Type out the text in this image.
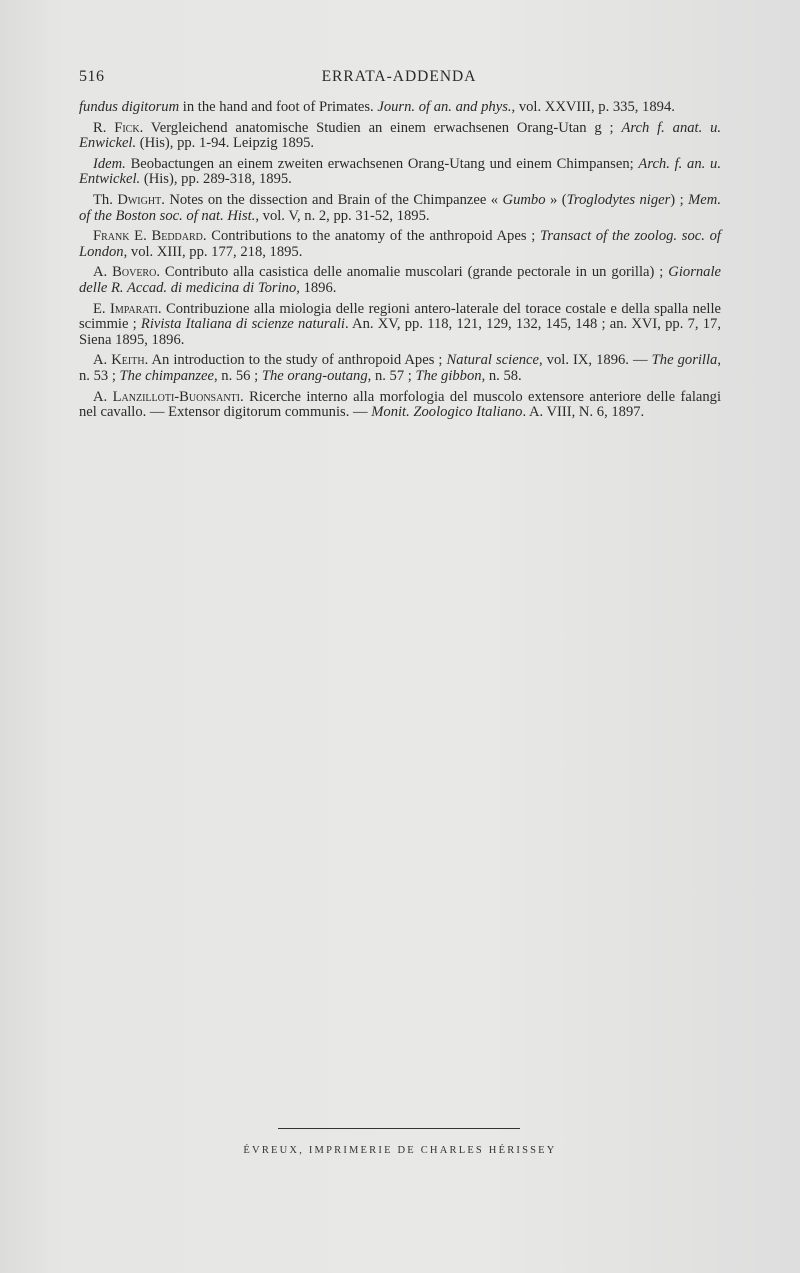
516	ERRATA-ADDENDA

fundus digitorum in the hand and foot of Primates. Journ. of an. and phys., vol. XXVIII, p. 335, 1894.

R. Fick. Vergleichend anatomische Studien an einem erwachsenen Orang-Utan g ; Arch f. anat. u. Enwickel. (His), pp. 1-94. Leipzig 1895.

Idem. Beobactungen an einem zweiten erwachsenen Orang-Utang und einem Chimpansen; Arch. f. an. u. Entwickel. (His), pp. 289-318, 1895.

Th. Dwight. Notes on the dissection and Brain of the Chimpanzee « Gumbo » (Troglodytes niger) ; Mem. of the Boston soc. of nat. Hist., vol. V, n. 2, pp. 31-52, 1895.

Frank E. Beddard. Contributions to the anatomy of the anthropoid Apes ; Transact of the zoolog. soc. of London, vol. XIII, pp. 177, 218, 1895.

A. Bovero. Contributo alla casistica delle anomalie muscolari (grande pectorale in un gorilla) ; Giornale delle R. Accad. di medicina di Torino, 1896.

E. Imparati. Contribuzione alla miologia delle regioni antero-laterale del torace costale e della spalla nelle scimmie ; Rivista Italiana di scienze naturali. An. XV, pp. 118, 121, 129, 132, 145, 148 ; an. XVI, pp. 7, 17, Siena 1895, 1896.

A. Keith. An introduction to the study of anthropoid Apes ; Natural science, vol. IX, 1896. — The gorilla, n. 53 ; The chimpanzee, n. 56 ; The orang-outang, n. 57 ; The gibbon, n. 58.

A. Lanzilloti-Buonsanti. Ricerche interno alla morfologia del muscolo extensore anteriore delle falangi nel cavallo. — Extensor digitorum communis. — Monit. Zoologico Italiano. A. VIII, N. 6, 1897.

ÉVREUX, IMPRIMERIE DE CHARLES HÉRISSEY
